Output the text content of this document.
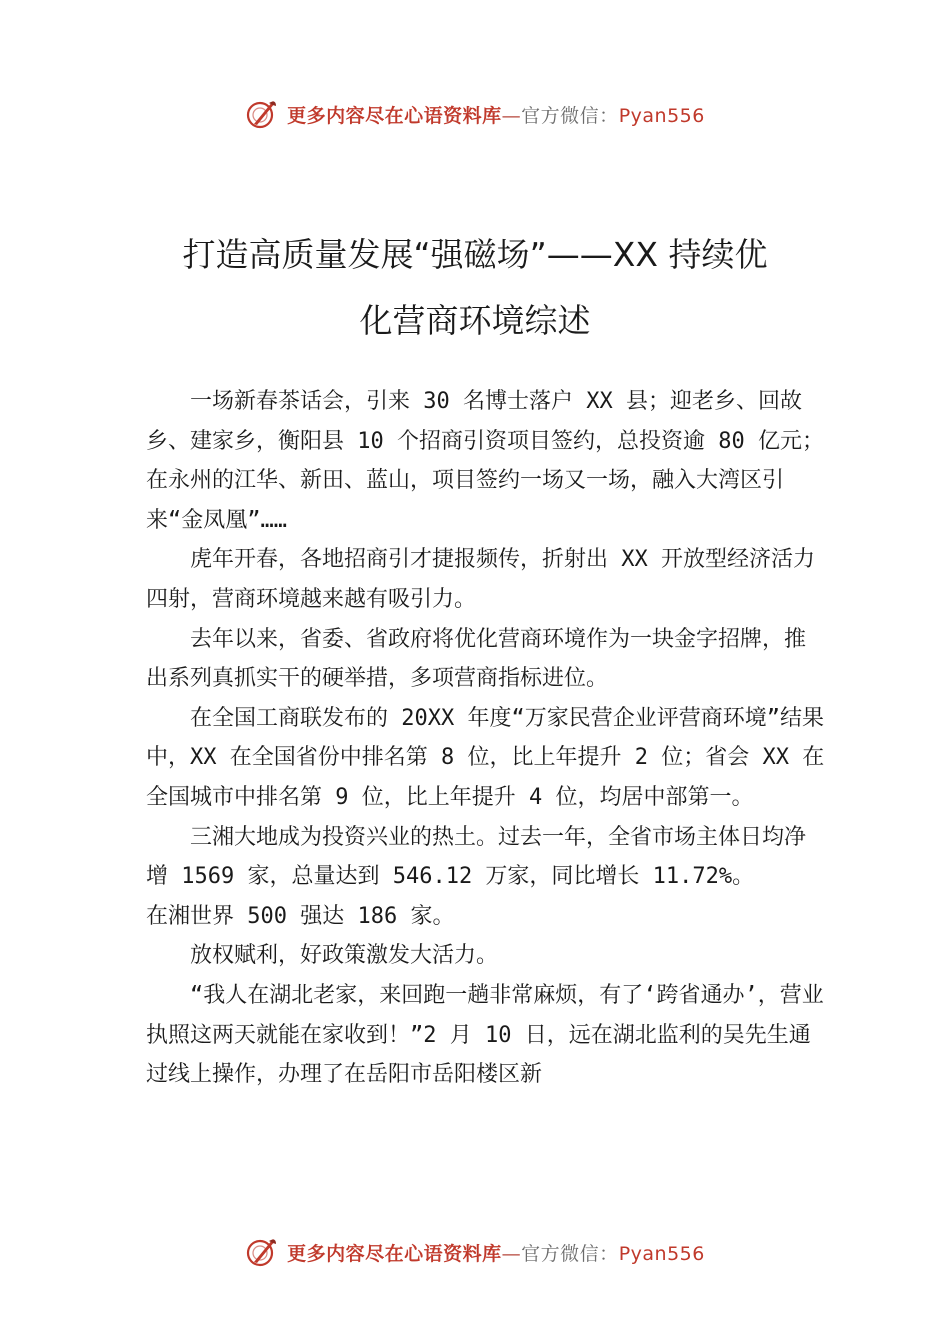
更多内容尽在心语资料库—官方微信：Pyan556
打造高质量发展“强磁场”——XX 持续优
化营商环境综述

一场新春茶话会，引来 30 名博士落户 XX 县；迎老乡、回故乡、建家乡，衡阳县 10 个招商引资项目签约，总投资逾 80 亿元；在永州的江华、新田、蓝山，项目签约一场又一场，融入大湾区引来“金凤凰”……

虎年开春，各地招商引才捷报频传，折射出 XX 开放型经济活力四射，营商环境越来越有吸引力。

去年以来，省委、省政府将优化营商环境作为一块金字招牌，推出系列真抓实干的硬举措，多项营商指标进位。

在全国工商联发布的 20XX 年度“万家民营企业评营商环境”结果中，XX 在全国省份中排名第 8 位，比上年提升 2 位；省会 XX 在全国城市中排名第 9 位，比上年提升 4 位，均居中部第一。

三湘大地成为投资兴业的热土。过去一年，全省市场主体日均净增 1569 家，总量达到 546.12 万家，同比增长 11.72%。

在湘世界 500 强达 186 家。

放权赋利，好政策激发大活力。

“我人在湖北老家，来回跑一趟非常麻烦，有了‘跨省通办’，营业执照这两天就能在家收到！”2 月 10 日，远在湖北监利的吴先生通过线上操作，办理了在岳阳市岳阳楼区新

更多内容尽在心语资料库—官方微信：Pyan556
